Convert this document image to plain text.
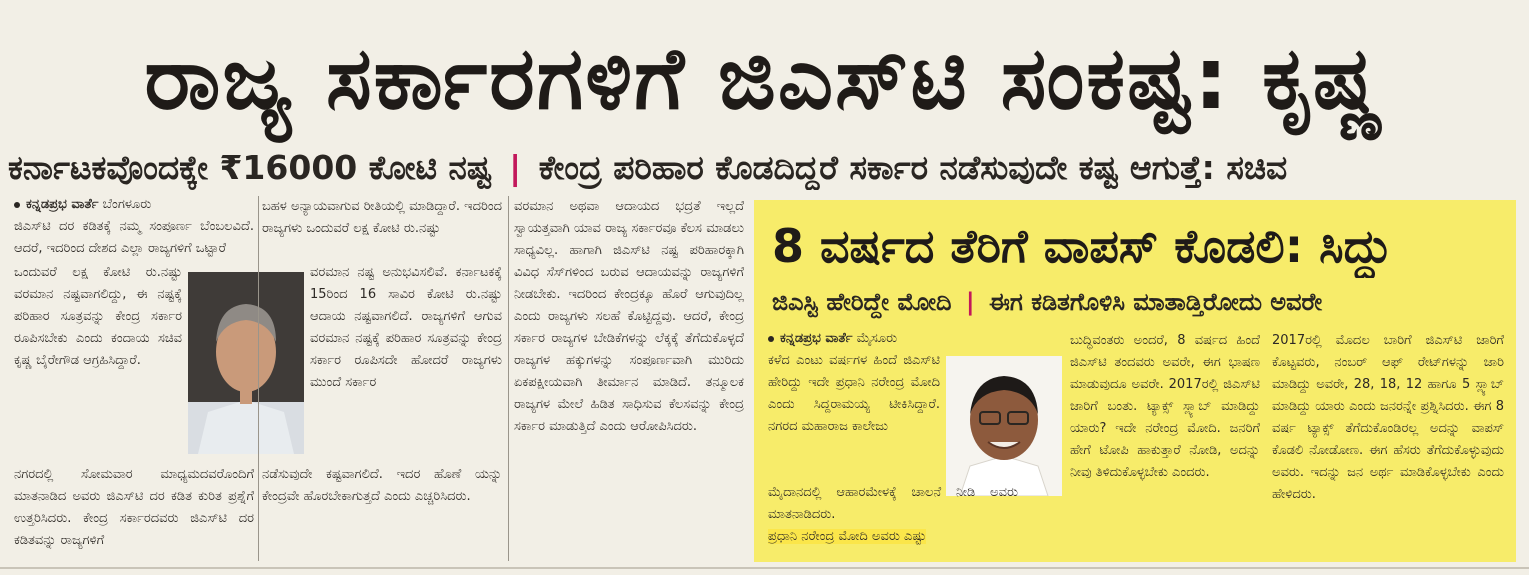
ರಾಜ್ಯ ಸರ್ಕಾರಗಳಿಗೆ ಜಿಎಸ್‌ಟಿ ಸಂಕಷ್ಟ: ಕೃಷ್ಣ
ಕರ್ನಾಟಕವೊಂದಕ್ಕೇ ₹16000 ಕೋಟಿ ನಷ್ಟ | ಕೇಂದ್ರ ಪರಿಹಾರ ಕೊಡದಿದ್ದರೆ ಸರ್ಕಾರ ನಡೆಸುವುದೇ ಕಷ್ಟ ಆಗುತ್ತೆ: ಸಚಿವ

ಕನ್ನಡಪ್ರಭ ವಾರ್ತೆ ಬೆಂಗಳೂರು

ಜಿಎಸ್‌ಟಿ ದರ ಕಡಿತಕ್ಕೆ ನಮ್ಮ ಸಂಪೂರ್ಣ ಬೆಂಬಲವಿದೆ. ಆದರೆ, ಇದರಿಂದ ದೇಶದ ಎಲ್ಲಾ ರಾಜ್ಯಗಳಿಗೆ ಒಟ್ಟಾರೆ

ಒಂದುವರೆ ಲಕ್ಷ ಕೋಟಿ ರು.ನಷ್ಟು ವರಮಾನ ನಷ್ಟವಾಗಲಿದ್ದು, ಈ ನಷ್ಟಕ್ಕೆ ಪರಿಹಾರ ಸೂತ್ರವನ್ನು ಕೇಂದ್ರ ಸರ್ಕಾರ ರೂಪಿಸಬೇಕು ಎಂದು ಕಂದಾಯ ಸಚಿವ ಕೃಷ್ಣ ಬೈರೇಗೌಡ ಆಗ್ರಹಿಸಿದ್ದಾರೆ.

ನಗರದಲ್ಲಿ ಸೋಮವಾರ ಮಾಧ್ಯಮದವರೊಂದಿಗೆ ಮಾತನಾಡಿದ ಅವರು ಜಿಎಸ್‌ಟಿ ದರ ಕಡಿತ ಕುರಿತ ಪ್ರಶ್ನೆಗೆ ಉತ್ತರಿಸಿದರು. ಕೇಂದ್ರ ಸರ್ಕಾರದವರು ಜಿಎಸ್‌ಟಿ ದರ ಕಡಿತವನ್ನು ರಾಜ್ಯಗಳಿಗೆ

ಬಹಳ ಅನ್ಯಾಯವಾಗುವ ರೀತಿಯಲ್ಲಿ ಮಾಡಿದ್ದಾರೆ. ಇದರಿಂದ ರಾಜ್ಯಗಳು ಒಂದುವರೆ ಲಕ್ಷ ಕೋಟಿ ರು.ನಷ್ಟು

ವರಮಾನ ನಷ್ಟ ಅನುಭವಿಸಲಿವೆ. ಕರ್ನಾಟಕಕ್ಕೆ 15ರಿಂದ 16 ಸಾವಿರ ಕೋಟಿ ರು.ನಷ್ಟು ಆದಾಯ ನಷ್ಟವಾಗಲಿದೆ. ರಾಜ್ಯಗಳಿಗೆ ಆಗುವ ವರಮಾನ ನಷ್ಟಕ್ಕೆ ಪರಿಹಾರ ಸೂತ್ರವನ್ನು ಕೇಂದ್ರ ಸರ್ಕಾರ ರೂಪಿಸದೇ ಹೋದರೆ ರಾಜ್ಯಗಳು ಮುಂದೆ ಸರ್ಕಾರ

ನಡೆಸುವುದೇ ಕಷ್ಟವಾಗಲಿದೆ. ಇದರ ಹೊಣೆ ಯನ್ನು ಕೇಂದ್ರವೇ ಹೊರಬೇಕಾಗುತ್ತದೆ ಎಂದು ಎಚ್ಚರಿಸಿದರು.

ವರಮಾನ ಅಥವಾ ಆದಾಯದ ಭದ್ರತೆ ಇಲ್ಲದೆ ಸ್ವಾಯತ್ತವಾಗಿ ಯಾವ ರಾಜ್ಯ ಸರ್ಕಾರವೂ ಕೆಲಸ ಮಾಡಲು ಸಾಧ್ಯವಿಲ್ಲ. ಹಾಗಾಗಿ ಜಿಎಸ್‌ಟಿ ನಷ್ಟ ಪರಿಹಾರಕ್ಕಾಗಿ ವಿವಿಧ ಸೆಸ್‌ಗಳಿಂದ ಬರುವ ಆದಾಯವನ್ನು ರಾಜ್ಯಗಳಿಗೆ ನೀಡಬೇಕು. ಇದರಿಂದ ಕೇಂದ್ರಕ್ಕೂ ಹೊರೆ ಆಗುವುದಿಲ್ಲ ಎಂದು ರಾಜ್ಯಗಳು ಸಲಹೆ ಕೊಟ್ಟಿದ್ದವು. ಆದರೆ, ಕೇಂದ್ರ ಸರ್ಕಾರ ರಾಜ್ಯಗಳ ಬೇಡಿಕೆಗಳನ್ನು ಲೆಕ್ಕಕ್ಕೆ ತೆಗೆದುಕೊಳ್ಳದೆ ರಾಜ್ಯಗಳ ಹಕ್ಕುಗಳನ್ನು ಸಂಪೂರ್ಣವಾಗಿ ಮುರಿದು ಏಕಪಕ್ಷೀಯವಾಗಿ ತೀರ್ಮಾನ ಮಾಡಿದೆ. ತನ್ಮೂಲಕ ರಾಜ್ಯಗಳ ಮೇಲೆ ಹಿಡಿತ ಸಾಧಿಸುವ ಕೆಲಸವನ್ನು ಕೇಂದ್ರ ಸರ್ಕಾರ ಮಾಡುತ್ತಿದೆ ಎಂದು ಆರೋಪಿಸಿದರು.

8 ವರ್ಷದ ತೆರಿಗೆ ವಾಪಸ್ ಕೊಡಲಿ: ಸಿದ್ದು
ಜಿಎಸ್ಟಿ ಹೇರಿದ್ದೇ ಮೋದಿ | ಈಗ ಕಡಿತಗೊಳಿಸಿ ಮಾತಾಡ್ತಿರೋದು ಅವರೇ

ಕನ್ನಡಪ್ರಭ ವಾರ್ತೆ ಮೈಸೂರು

ಕಳೆದ ಎಂಟು ವರ್ಷಗಳ ಹಿಂದೆ ಜಿಎಸ್‌ಟಿ ಹೇರಿದ್ದು ಇದೇ ಪ್ರಧಾನಿ ನರೇಂದ್ರ ಮೋದಿ ಎಂದು ಸಿದ್ದರಾಮಯ್ಯ ಟೀಕಿಸಿದ್ದಾರೆ. ನಗರದ ಮಹಾರಾಜ ಕಾಲೇಜು

ಮೈದಾನದಲ್ಲಿ ಆಹಾರಮೇಳಕ್ಕೆ ಚಾಲನೆ ನೀಡಿ ಅವರು ಮಾತನಾಡಿದರು.

ಪ್ರಧಾನಿ ನರೇಂದ್ರ ಮೋದಿ ಅವರು ಎಷ್ಟು

ಬುದ್ಧಿವಂತರು ಅಂದರೆ, 8 ವರ್ಷದ ಹಿಂದೆ ಜಿಎಸ್‌ಟಿ ತಂದವರು ಅವರೇ, ಈಗ ಭಾಷಣ ಮಾಡುವುದೂ ಅವರೇ. 2017ರಲ್ಲಿ ಜಿಎಸ್‌ಟಿ ಜಾರಿಗೆ ಬಂತು. ಟ್ಯಾಕ್ಸ್ ಸ್ಲ್ಯಾಬ್ ಮಾಡಿದ್ದು ಯಾರು? ಇದೇ ನರೇಂದ್ರ ಮೋದಿ. ಜನರಿಗೆ ಹೇಗೆ ಟೋಪಿ ಹಾಕುತ್ತಾರೆ ನೋಡಿ, ಅದನ್ನು ನೀವು ತಿಳಿದುಕೊಳ್ಳಬೇಕು ಎಂದರು.

2017ರಲ್ಲಿ ಮೊದಲ ಬಾರಿಗೆ ಜಿಎಸ್‌ಟಿ ಜಾರಿಗೆ ಕೊಟ್ಟವರು, ನಂಬರ್ ಆಫ್ ರೇಟ್‌ಗಳನ್ನು ಜಾರಿ ಮಾಡಿದ್ದು ಅವರೇ, 28, 18, 12 ಹಾಗೂ 5 ಸ್ಲ್ಯಾಬ್ ಮಾಡಿದ್ದು ಯಾರು ಎಂದು ಜನರನ್ನೇ ಪ್ರಶ್ನಿಸಿದರು. ಈಗ 8 ವರ್ಷ ಟ್ಯಾಕ್ಸ್ ತೆಗೆದುಕೊಂಡಿರಲ್ಲ ಅದನ್ನು ವಾಪಸ್ ಕೊಡಲಿ ನೋಡೋಣ. ಈಗ ಹೆಸರು ತೆಗೆದುಕೊಳ್ಳುವುದು ಅವರು. ಇದನ್ನು ಜನ ಅರ್ಥ ಮಾಡಿಕೊಳ್ಳಬೇಕು ಎಂದು ಹೇಳಿದರು.
